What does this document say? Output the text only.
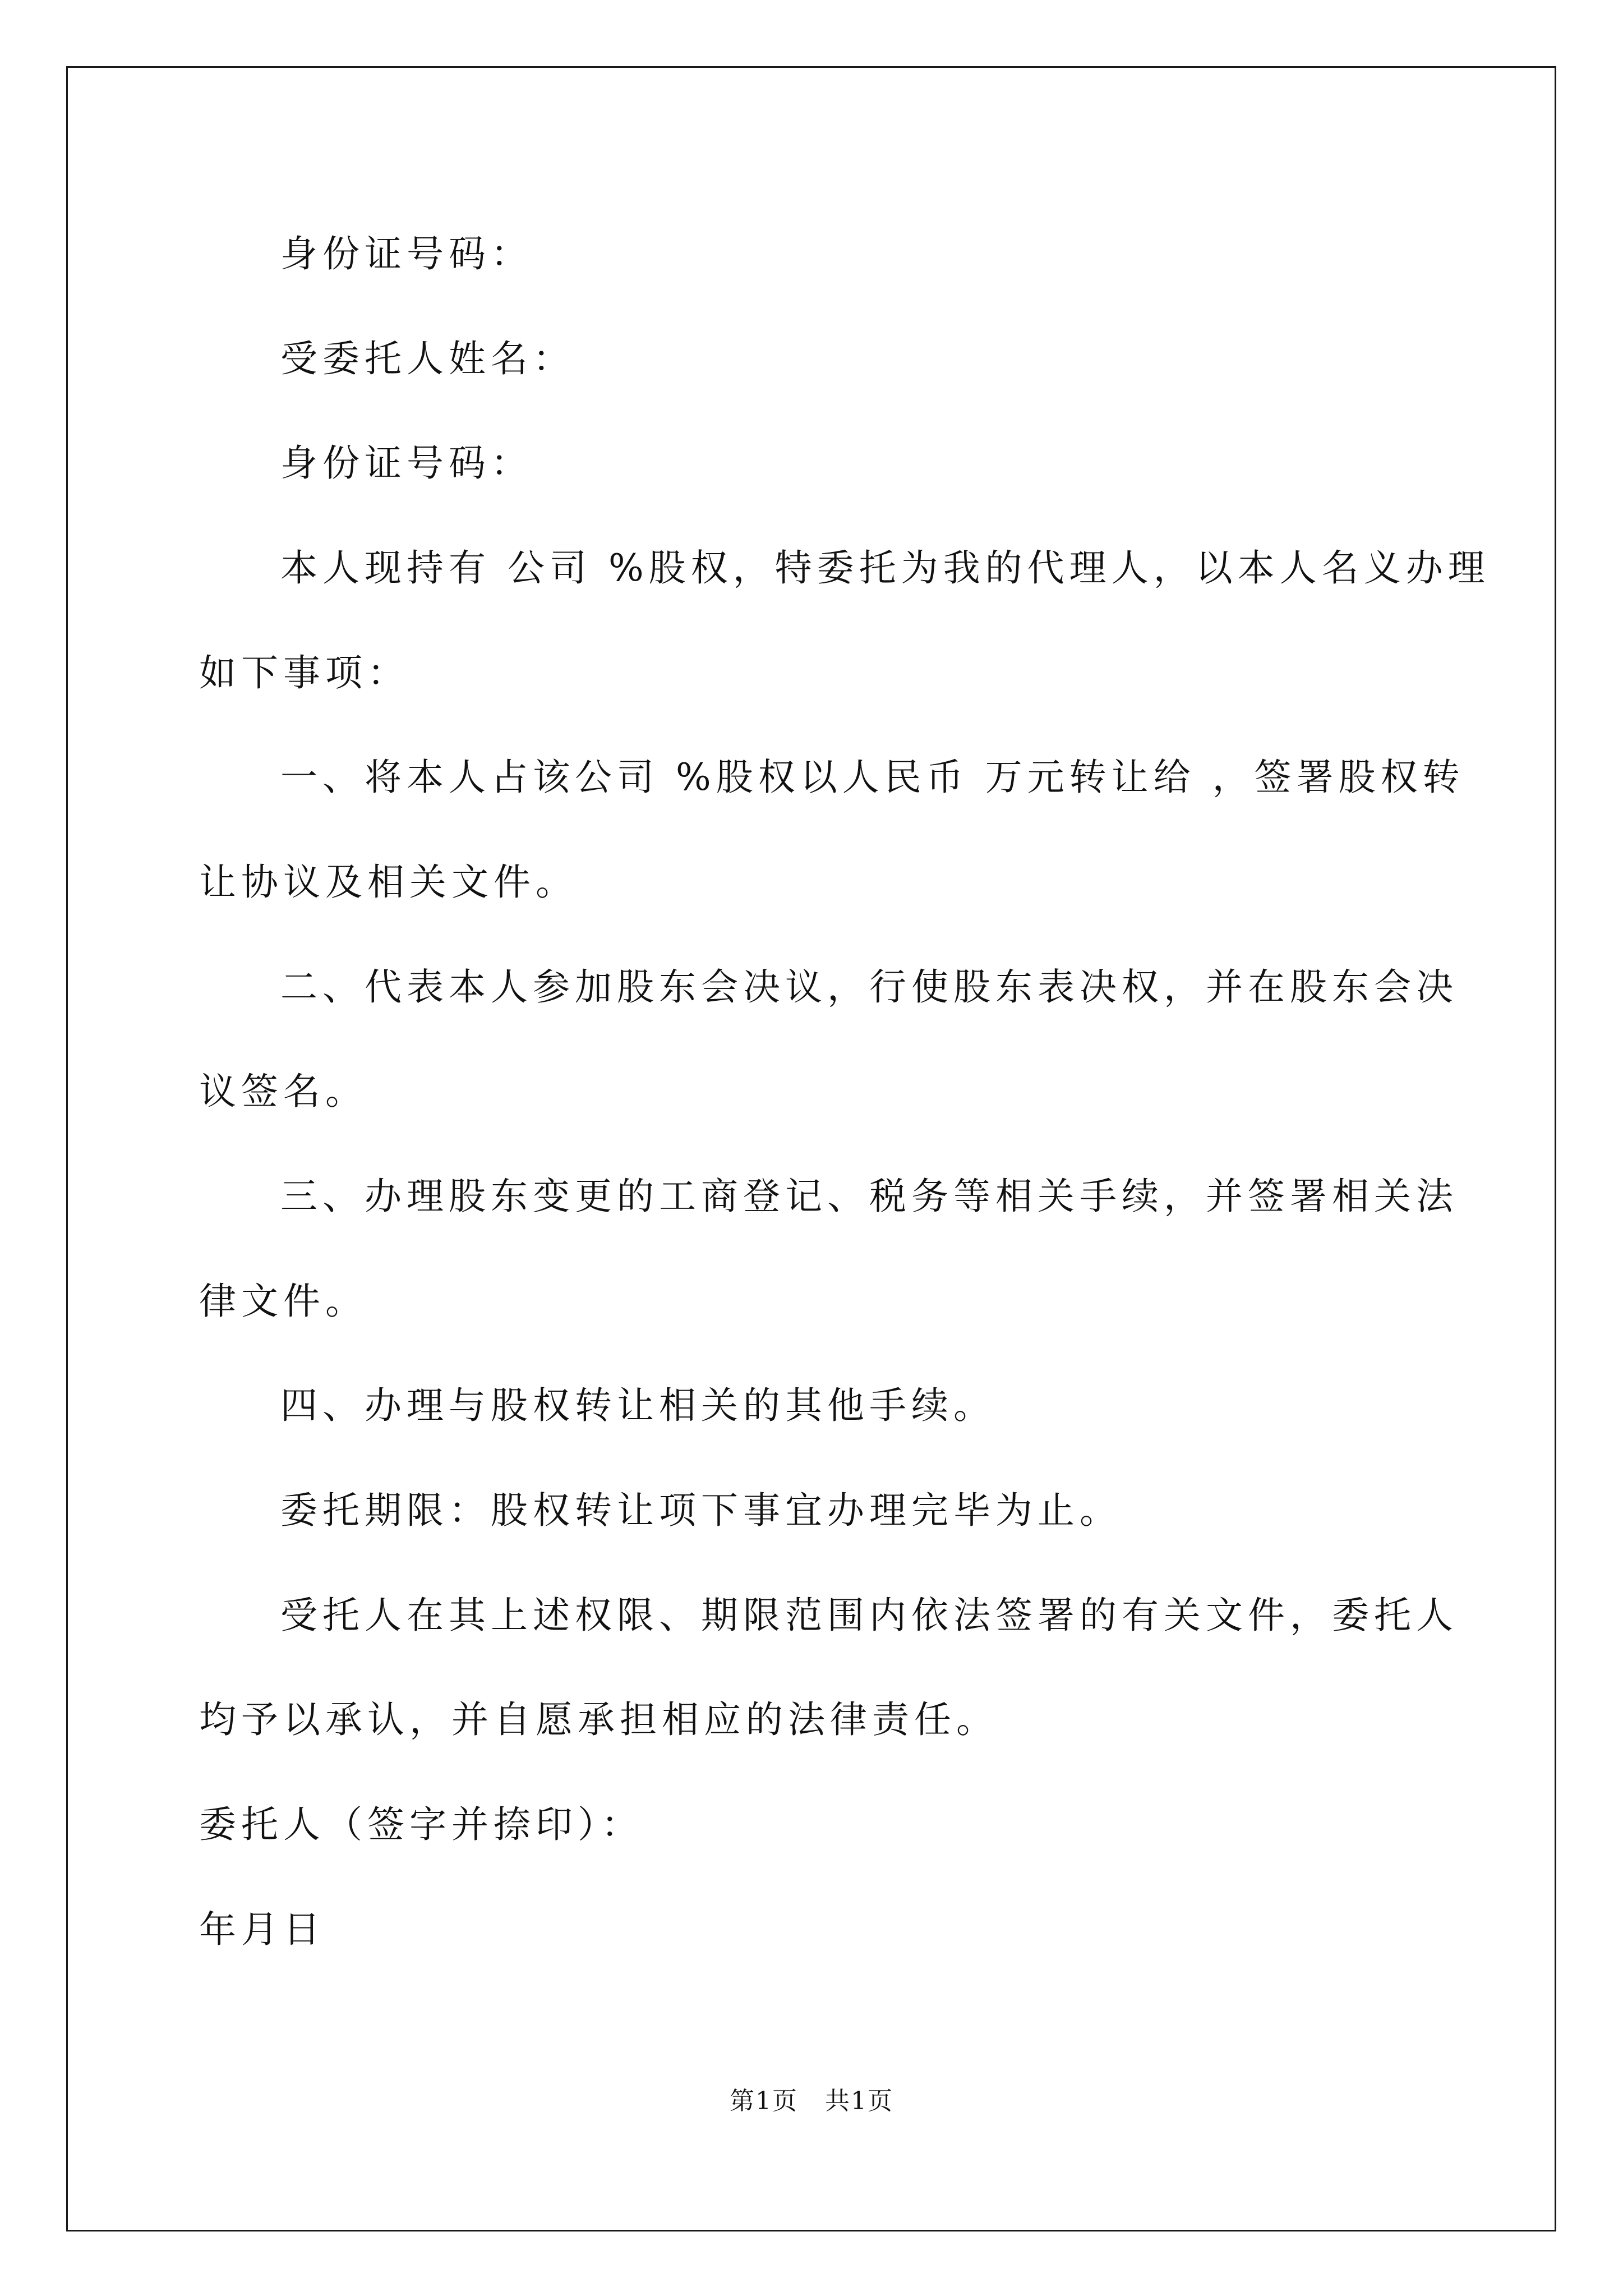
身份证号码：

受委托人姓名：

身份证号码：

本人现持有 公司 %股权，特委托为我的代理人，以本人名义办理

如下事项：

一、将本人占该公司 %股权以人民币 万元转让给 ，签署股权转

让协议及相关文件。

二、代表本人参加股东会决议，行使股东表决权，并在股东会决

议签名。

三、办理股东变更的工商登记、税务等相关手续，并签署相关法

律文件。

四、办理与股权转让相关的其他手续。

委托期限：股权转让项下事宜办理完毕为止。

受托人在其上述权限、期限范围内依法签署的有关文件，委托人

均予以承认，并自愿承担相应的法律责任。

委托人（签字并捺印）：

年月日

第1页   共1页
